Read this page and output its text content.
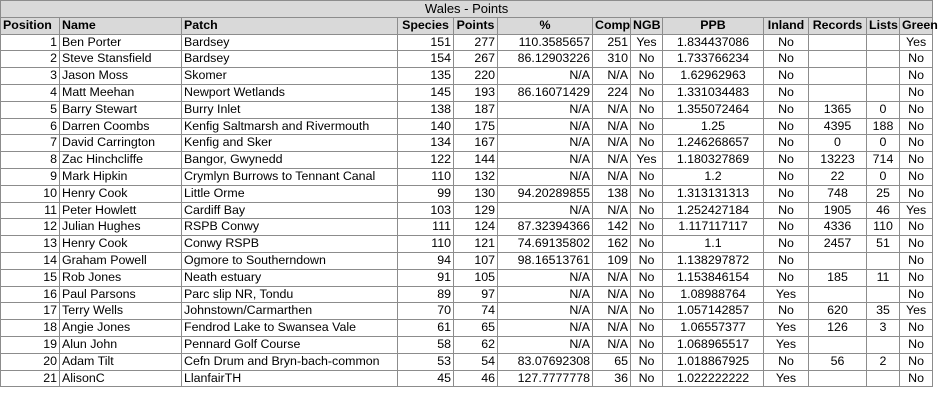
Wales - Points												
Position	Name	Patch	Species	Points	%	Comp	NGB	PPB	Inland	Records	Lists	Green
1	Ben Porter	Bardsey	151	277	110.3585657	251	Yes	1.834437086	No			Yes
2	Steve Stansfield	Bardsey	154	267	86.12903226	310	No	1.733766234	No			No
3	Jason Moss	Skomer	135	220	N/A	N/A	No	1.62962963	No			No
4	Matt Meehan	Newport Wetlands	145	193	86.16071429	224	No	1.331034483	No			No
5	Barry Stewart	Burry Inlet	138	187	N/A	N/A	No	1.355072464	No	1365	0	No
6	Darren Coombs	Kenfig Saltmarsh and Rivermouth	140	175	N/A	N/A	No	1.25	No	4395	188	No
7	David Carrington	Kenfig and Sker	134	167	N/A	N/A	No	1.246268657	No	0	0	No
8	Zac Hinchcliffe	Bangor, Gwynedd	122	144	N/A	N/A	Yes	1.180327869	No	13223	714	No
9	Mark Hipkin	Crymlyn Burrows to Tennant Canal	110	132	N/A	N/A	No	1.2	No	22	0	No
10	Henry Cook	Little Orme	99	130	94.20289855	138	No	1.313131313	No	748	25	No
11	Peter Howlett	Cardiff Bay	103	129	N/A	N/A	No	1.252427184	No	1905	46	Yes
12	Julian Hughes	RSPB Conwy	111	124	87.32394366	142	No	1.117117117	No	4336	110	No
13	Henry Cook	Conwy RSPB	110	121	74.69135802	162	No	1.1	No	2457	51	No
14	Graham Powell	Ogmore to Southerndown	94	107	98.16513761	109	No	1.138297872	No			No
15	Rob Jones	Neath estuary	91	105	N/A	N/A	No	1.153846154	No	185	11	No
16	Paul Parsons	Parc slip NR, Tondu	89	97	N/A	N/A	No	1.08988764	Yes			No
17	Terry Wells	Johnstown/Carmarthen	70	74	N/A	N/A	No	1.057142857	No	620	35	Yes
18	Angie Jones	Fendrod Lake to Swansea Vale	61	65	N/A	N/A	No	1.06557377	Yes	126	3	No
19	Alun John	Pennard Golf Course	58	62	N/A	N/A	No	1.068965517	Yes			No
20	Adam Tilt	Cefn Drum and Bryn-bach-common	53	54	83.07692308	65	No	1.018867925	No	56	2	No
21	AlisonC	LlanfairTH	45	46	127.7777778	36	No	1.022222222	Yes			No
